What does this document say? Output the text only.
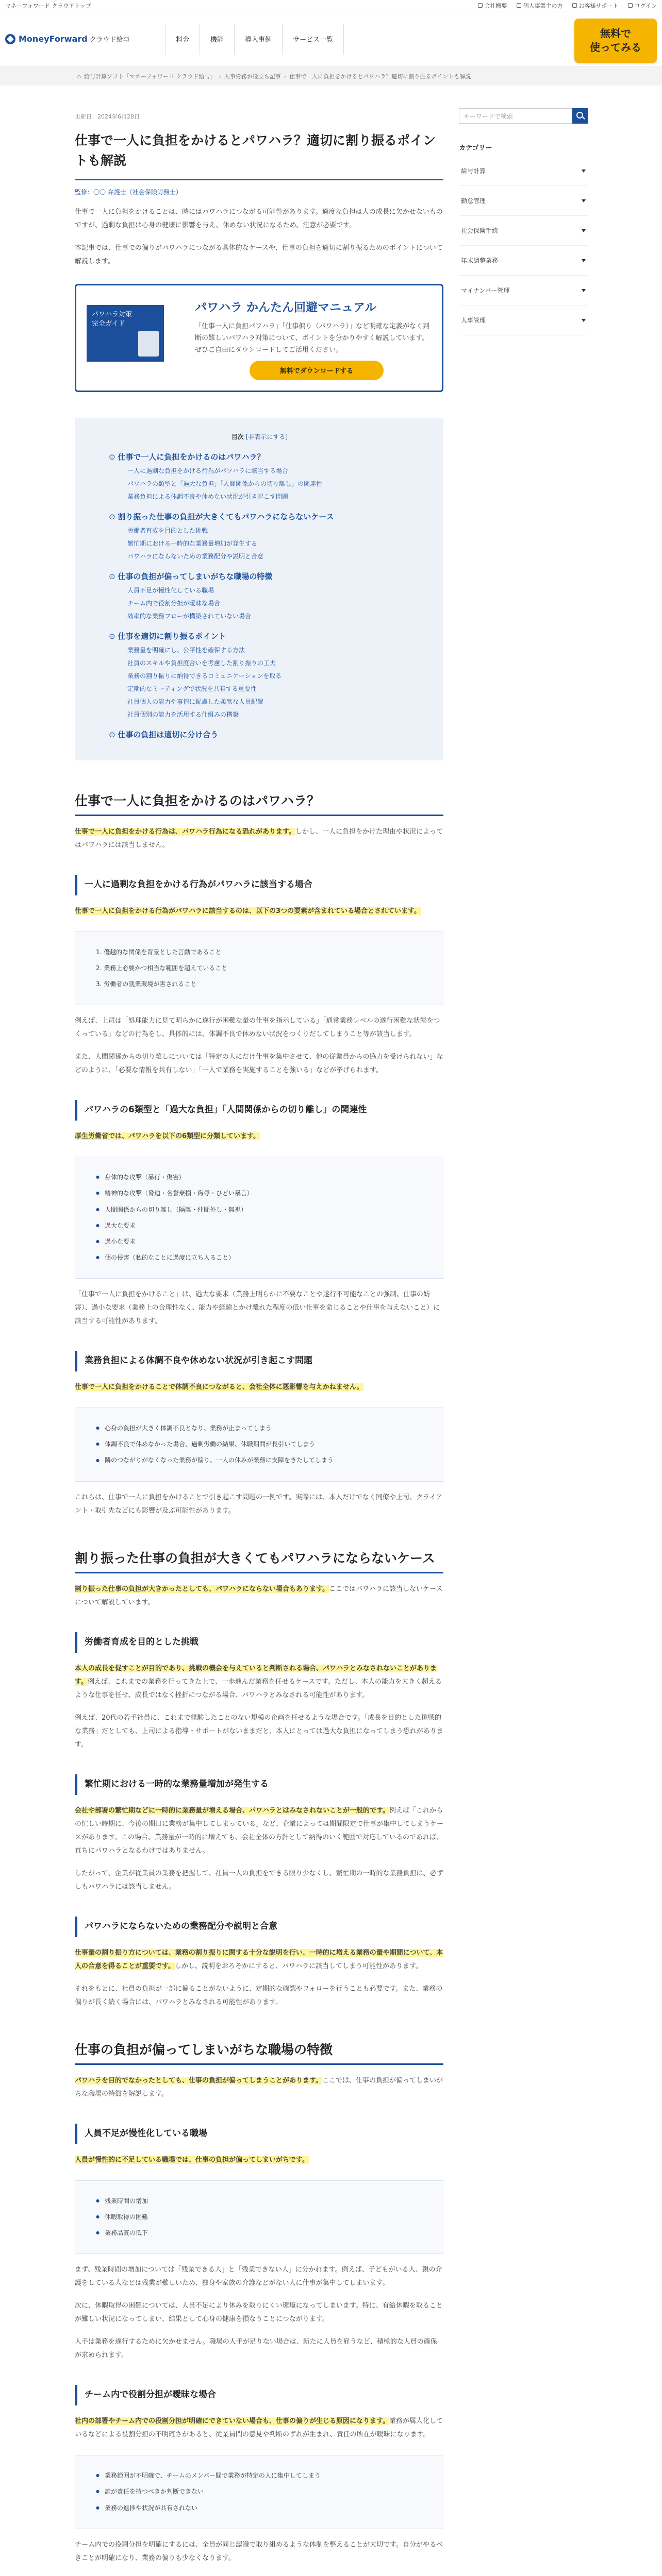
マネーフォワード クラウドトップ	会社概要	個人事業主の方	お客様サポート	ログイン
MoneyForward クラウド給与	料金	機能	導入事例	サービス一覧
無料で
使ってみる
⌂ 給与計算ソフト「マネーフォワード クラウド給与」 › 人事労務お役立ち記事 › 仕事で一人に負担をかけるとパワハラ？適切に割り振るポイントも解説
更新日：2024年6月28日
仕事で一人に負担をかけるとパワハラ？適切に割り振るポイントも解説
監修：〇〇 弁護士（社会保険労務士）

仕事で一人に負担をかけることは、時にはパワハラにつながる可能性があります。適度な負担は人の成長に欠かせないものですが、過剰な負担は心身の健康に影響を与え、休めない状況になるため、注意が必要です。

本記事では、仕事での偏りがパワハラにつながる具体的なケースや、仕事の負担を適切に割り振るためのポイントについて解説します。

パワハラ対策
完全ガイド
パワハラ かんたん回避マニュアル
「仕事一人に負担パワハラ」「仕事偏り（パワハラ）」など明確な定義がなく判断の難しいパワハラ対策について、ポイントを分かりやすく解説しています。ぜひご自由にダウンロードしてご活用ください。
無料でダウンロードする
目次 [非表示にする]
⊙ 仕事で一人に負担をかけるのはパワハラ？
一人に過剰な負担をかける行為がパワハラに該当する場合
パワハラの類型と「過大な負担」「人間関係からの切り離し」の関連性
業務負担による体調不良や休めない状況が引き起こす問題
⊙ 割り振った仕事の負担が大きくてもパワハラにならないケース
労働者育成を目的とした挑戦
繁忙期における一時的な業務量増加が発生する
パワハラにならないための業務配分や説明と合意
⊙ 仕事の負担が偏ってしまいがちな職場の特徴
人員不足が慢性化している職場
チーム内で役割分担が曖昧な場合
効率的な業務フローが構築されていない場合
⊙ 仕事を適切に割り振るポイント
業務量を明確にし、公平性を確保する方法
社員のスキルや負担度合いを考慮した割り振りの工夫
業務の割り振りに納得できるコミュニケーションを取る
定期的なミーティングで状況を共有する重要性
社員個人の能力や事情に配慮した柔軟な人員配置
社員個別の能力を活用する仕組みの構築
⊙ 仕事の負担は適切に分け合う
仕事で一人に負担をかけるのはパワハラ？

仕事で一人に負担をかける行為は、パワハラ行為になる恐れがあります。しかし、一人に負担をかけた理由や状況によってはパワハラには該当しません。

一人に過剰な負担をかける行為がパワハラに該当する場合

仕事で一人に負担をかける行為がパワハラに該当するのは、以下の3つの要素が含まれている場合とされています。

1. 優越的な関係を背景とした言動であること
2. 業務上必要かつ相当な範囲を超えていること
3. 労働者の就業環境が害されること

例えば、上司は「処理能力に見て明らかに遂行が困難な量の仕事を指示している」「通常業務レベルの遂行困難な状態をつくっている」などの行為をし、具体的には、体調不良で休めない状況をつくりだしてしまうこと等が該当します。

また、人間関係からの切り離しについては「特定の人にだけ仕事を集中させて、他の従業員からの協力を受けられない」などのように、「必要な情報を共有しない」「一人で業務を実施することを強いる」などが挙げられます。

パワハラの6類型と「過大な負担」「人間関係からの切り離し」の関連性

厚生労働省では、パワハラを以下の6類型に分類しています。

● 身体的な攻撃（暴行・傷害）
● 精神的な攻撃（脅迫・名誉棄損・侮辱・ひどい暴言）
● 人間関係からの切り離し（隔離・仲間外し・無視）
● 過大な要求
● 過小な要求
● 個の侵害（私的なことに過度に立ち入ること）

「仕事で一人に負担をかけること」は、過大な要求（業務上明らかに不要なことや遂行不可能なことの強制、仕事の妨害）、過小な要求（業務上の合理性なく、能力や経験とかけ離れた程度の低い仕事を命じることや仕事を与えないこと）に該当する可能性があります。

業務負担による体調不良や休めない状況が引き起こす問題

仕事で一人に負担をかけることで体調不良につながると、会社全体に悪影響を与えかねません。

● 心身の負担が大きく体調不良となり、業務が止まってしまう
● 体調不良で休めなかった場合、過剰労働の結果、休職期間が長引いてしまう
● 隣のつながりがなくなった業務が偏り、一人の休みが業務に支障をきたしてしまう

これらは、仕事で一人に負担をかけることで引き起こす問題の一例です。実際には、本人だけでなく同僚や上司、クライアント・取引先などにも影響が及ぶ可能性があります。

割り振った仕事の負担が大きくてもパワハラにならないケース

割り振った仕事の負担が大きかったとしても、パワハラにならない場合もあります。ここではパワハラに該当しないケースについて解説しています。

労働者育成を目的とした挑戦

本人の成長を促すことが目的であり、挑戦の機会を与えていると判断される場合、パワハラとみなされないことがあります。例えば、これまでの業務を行ってきた上で、一歩進んだ業務を任せるケースです。ただし、本人の能力を大きく超えるような仕事を任せ、成長ではなく挫折につながる場合、パワハラとみなされる可能性があります。

例えば、20代の若手社員に、これまで経験したことのない規模の企画を任せるような場合です。「成長を目的とした挑戦的な業務」だとしても、上司による指導・サポートがないままだと、本人にとっては過大な負担になってしまう恐れがあります。

繁忙期における一時的な業務量増加が発生する

会社や部署の繁忙期などに一時的に業務量が増える場合、パワハラとはみなされないことが一般的です。例えば「これからの忙しい時期に、今後の期日に業務が集中してしまっている」など、企業によっては期間限定で仕事が集中してしまうケースがあります。この場合、業務量が一時的に増えても、会社全体の方針として納得のいく範囲で対応しているのであれば、直ちにパワハラとなるわけではありません。

したがって、企業が従業員の業務を把握して、社員一人の負担をできる限り少なくし、繁忙期の一時的な業務負担は、必ずしもパワハラには該当しません。

パワハラにならないための業務配分や説明と合意

仕事量の割り振り方については、業務の割り振りに関する十分な説明を行い、一時的に増える業務の量や期間について、本人の合意を得ることが重要です。しかし、説明をおろそかにすると、パワハラに該当してしまう可能性があります。

それをもとに、社員の負担が一部に偏ることがないように、定期的な確認やフォローを行うことも必要です。また、業務の偏りが長く続く場合には、パワハラとみなされる可能性があります。

仕事の負担が偏ってしまいがちな職場の特徴

パワハラを目的でなかったとしても、仕事の負担が偏ってしまうことがあります。ここでは、仕事の負担が偏ってしまいがちな職場の特徴を解説します。

人員不足が慢性化している職場

人員が慢性的に不足している職場では、仕事の負担が偏ってしまいがちです。

● 残業時間の増加
● 休暇取得の困難
● 業務品質の低下

まず、残業時間の増加については「残業できる人」と「残業できない人」に分かれます。例えば、子どもがいる人、親の介護をしている人などは残業が難しいため、独身や家族の介護などがない人に仕事が集中してしまいます。

次に、休暇取得の困難については、人員不足により休みを取りにくい環境になってしまいます。特に、有給休暇を取ることが難しい状況になってしまい、結果として心身の健康を損なうことにつながります。

人手は業務を遂行するために欠かせません。職場の人手が足りない場合は、新たに人員を雇うなど、積極的な人員の確保が求められます。

チーム内で役割分担が曖昧な場合

社内の部署やチーム内での役割分担が明確にできていない場合も、仕事の偏りが生じる原因になります。業務が属人化しているなどによる役割分担の不明確さがあると、従業員間の意見や判断のずれが生まれ、責任の所在が曖昧になります。

● 業務範囲が不明確で、チームのメンバー間で業務が特定の人に集中してしまう
● 誰が責任を持つべきか判断できない
● 業務の進捗や状況が共有されない

チーム内での役割分担を明確にするには、全員が同じ認識で取り組めるような体制を整えることが大切です。自分がやるべきことが明確になり、業務の偏りも少なくなります。

キーワードで検索
カテゴリー
給与計算
勤怠管理
社会保険手続
年末調整業務
マイナンバー管理
人事管理
